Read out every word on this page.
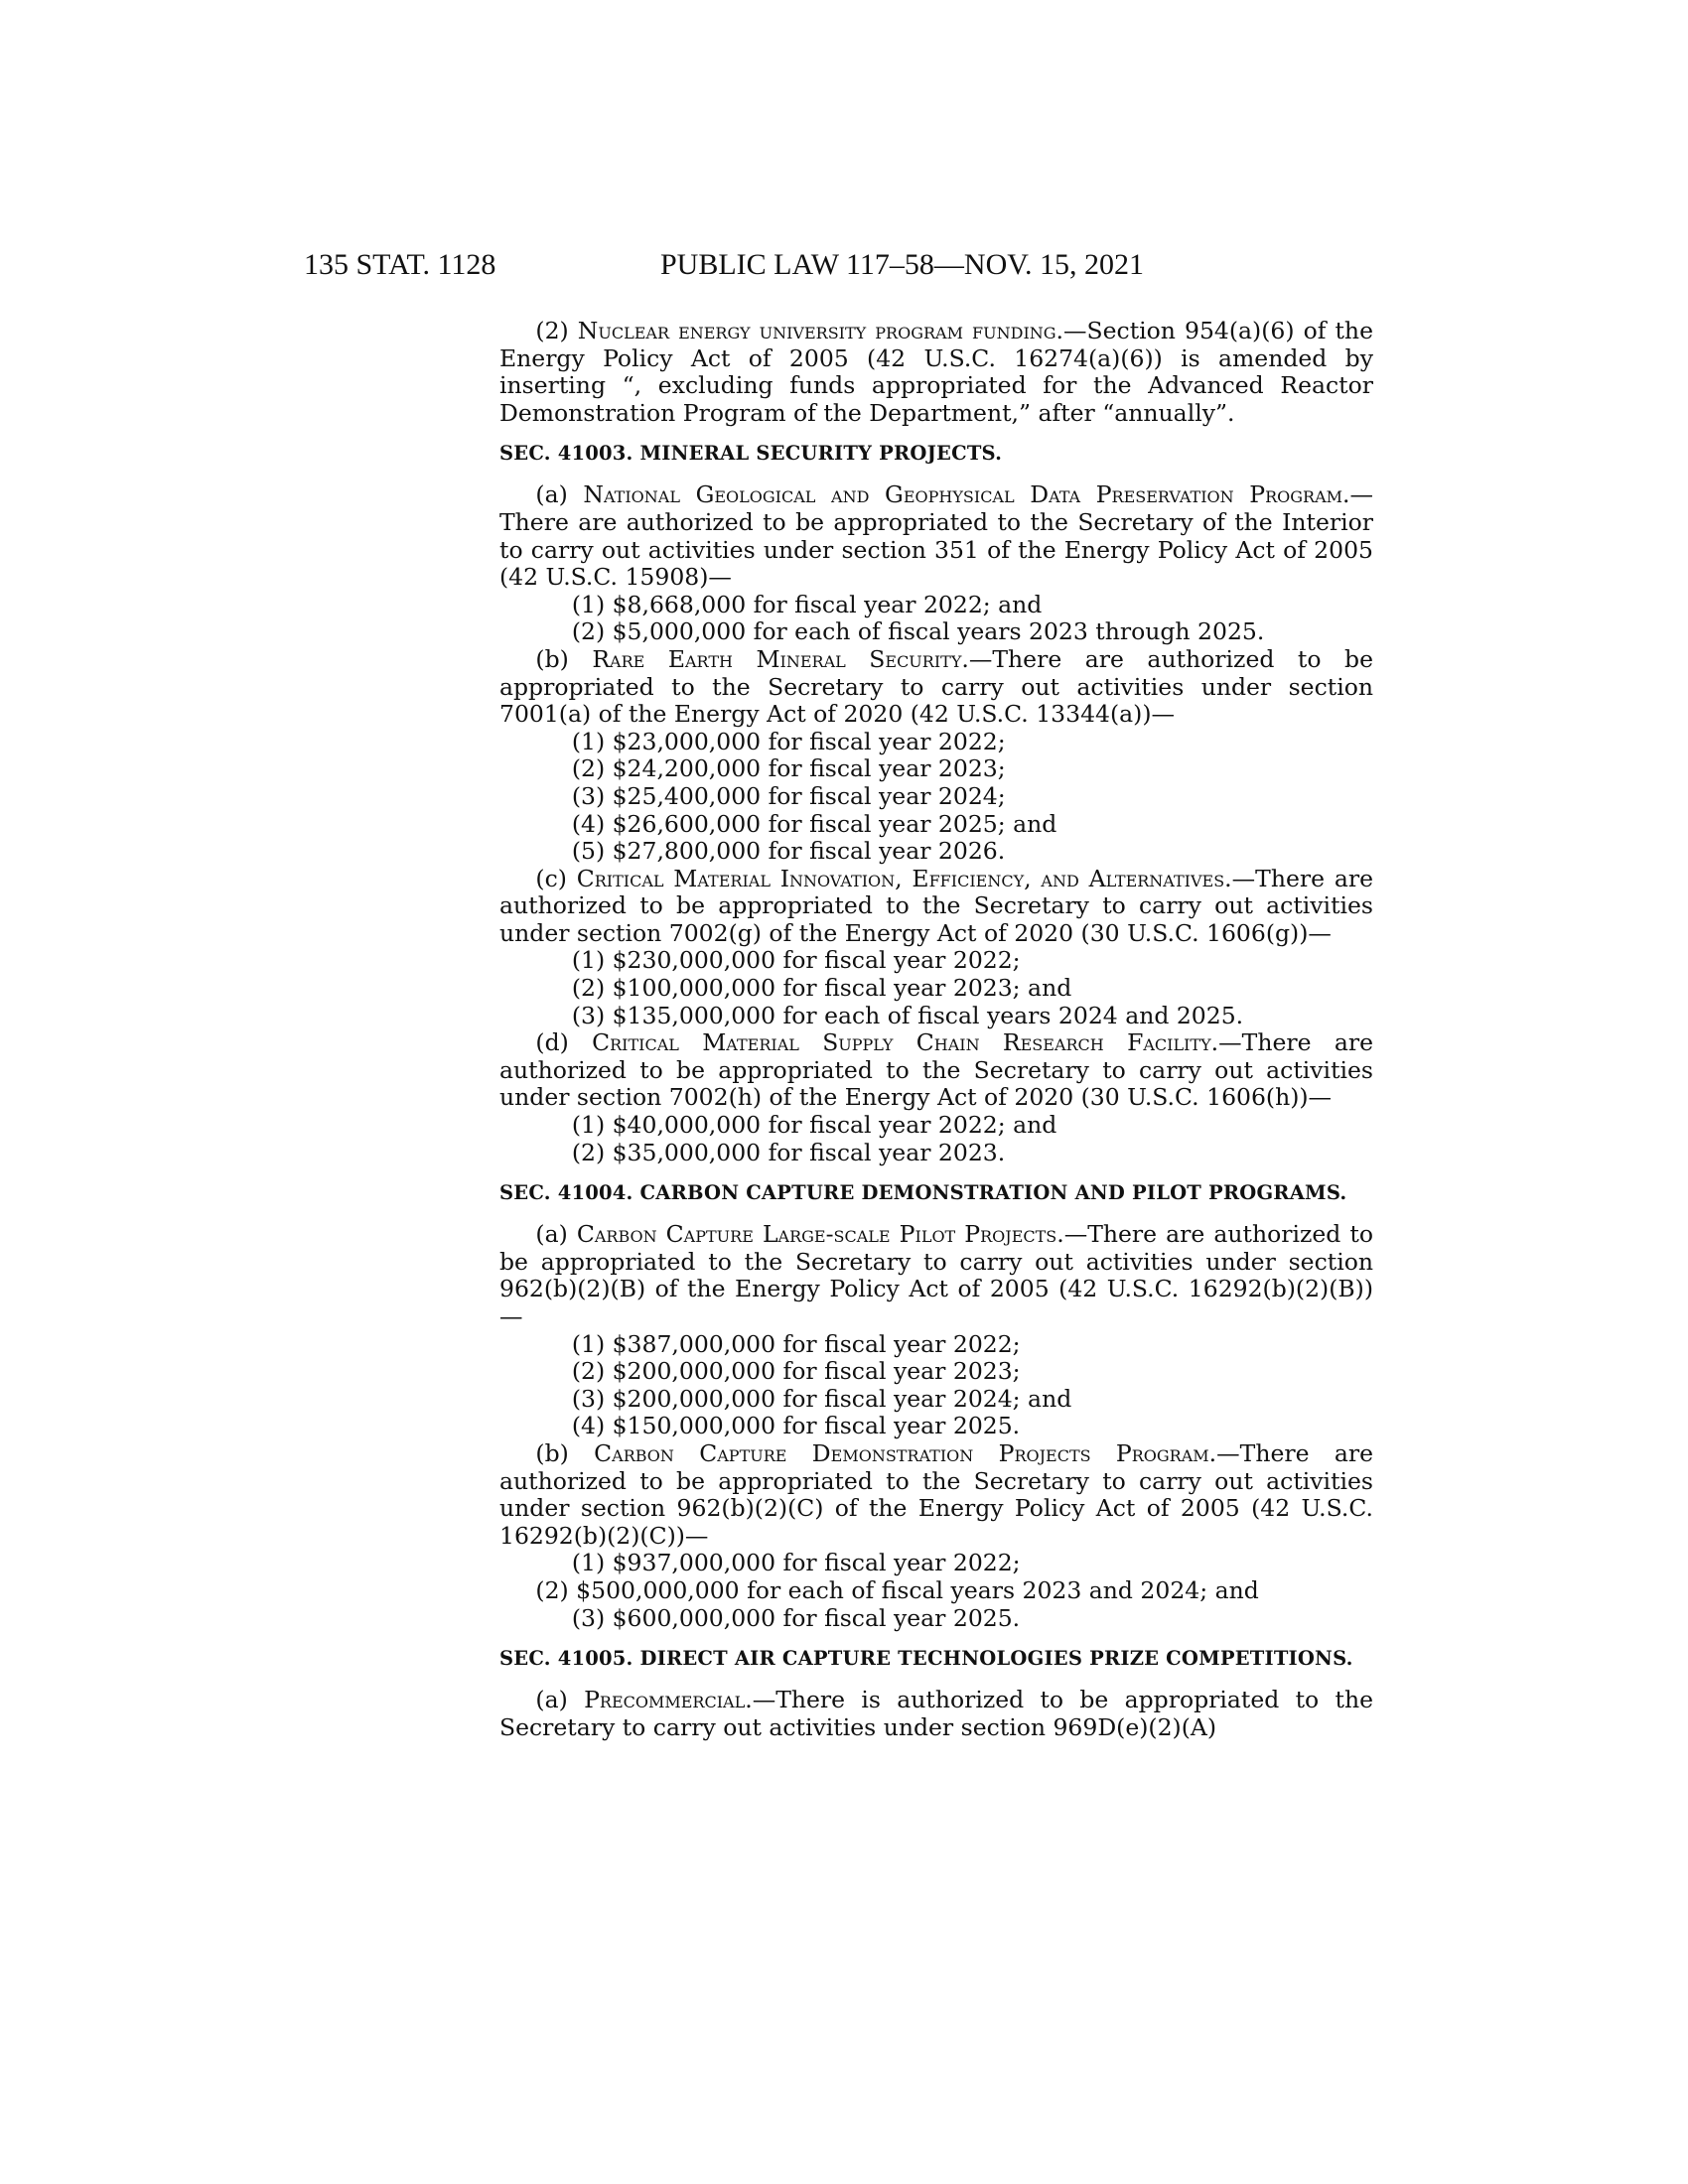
135 STAT. 1128	PUBLIC LAW 117–58—NOV. 15, 2021

(2) Nuclear energy university program funding.—Section 954(a)(6) of the Energy Policy Act of 2005 (42 U.S.C. 16274(a)(6)) is amended by inserting “, excluding funds appropriated for the Advanced Reactor Demonstration Program of the Department,” after “annually”.

SEC. 41003. MINERAL SECURITY PROJECTS.

(a) National Geological and Geophysical Data Preservation Program.—There are authorized to be appropriated to the Secretary of the Interior to carry out activities under section 351 of the Energy Policy Act of 2005 (42 U.S.C. 15908)—

(1) $8,668,000 for fiscal year 2022; and

(2) $5,000,000 for each of fiscal years 2023 through 2025.

(b) Rare Earth Mineral Security.—There are authorized to be appropriated to the Secretary to carry out activities under section 7001(a) of the Energy Act of 2020 (42 U.S.C. 13344(a))—

(1) $23,000,000 for fiscal year 2022;

(2) $24,200,000 for fiscal year 2023;

(3) $25,400,000 for fiscal year 2024;

(4) $26,600,000 for fiscal year 2025; and

(5) $27,800,000 for fiscal year 2026.

(c) Critical Material Innovation, Efficiency, and Alternatives.—There are authorized to be appropriated to the Secretary to carry out activities under section 7002(g) of the Energy Act of 2020 (30 U.S.C. 1606(g))—

(1) $230,000,000 for fiscal year 2022;

(2) $100,000,000 for fiscal year 2023; and

(3) $135,000,000 for each of fiscal years 2024 and 2025.

(d) Critical Material Supply Chain Research Facility.—There are authorized to be appropriated to the Secretary to carry out activities under section 7002(h) of the Energy Act of 2020 (30 U.S.C. 1606(h))—

(1) $40,000,000 for fiscal year 2022; and

(2) $35,000,000 for fiscal year 2023.

SEC. 41004. CARBON CAPTURE DEMONSTRATION AND PILOT PROGRAMS.

(a) Carbon Capture Large-scale Pilot Projects.—There are authorized to be appropriated to the Secretary to carry out activities under section 962(b)(2)(B) of the Energy Policy Act of 2005 (42 U.S.C. 16292(b)(2)(B))—

(1) $387,000,000 for fiscal year 2022;

(2) $200,000,000 for fiscal year 2023;

(3) $200,000,000 for fiscal year 2024; and

(4) $150,000,000 for fiscal year 2025.

(b) Carbon Capture Demonstration Projects Program.—There are authorized to be appropriated to the Secretary to carry out activities under section 962(b)(2)(C) of the Energy Policy Act of 2005 (42 U.S.C. 16292(b)(2)(C))—

(1) $937,000,000 for fiscal year 2022;

(2) $500,000,000 for each of fiscal years 2023 and 2024; and

(3) $600,000,000 for fiscal year 2025.

SEC. 41005. DIRECT AIR CAPTURE TECHNOLOGIES PRIZE COMPETITIONS.

(a) Precommercial.—There is authorized to be appropriated to the Secretary to carry out activities under section 969D(e)(2)(A)
